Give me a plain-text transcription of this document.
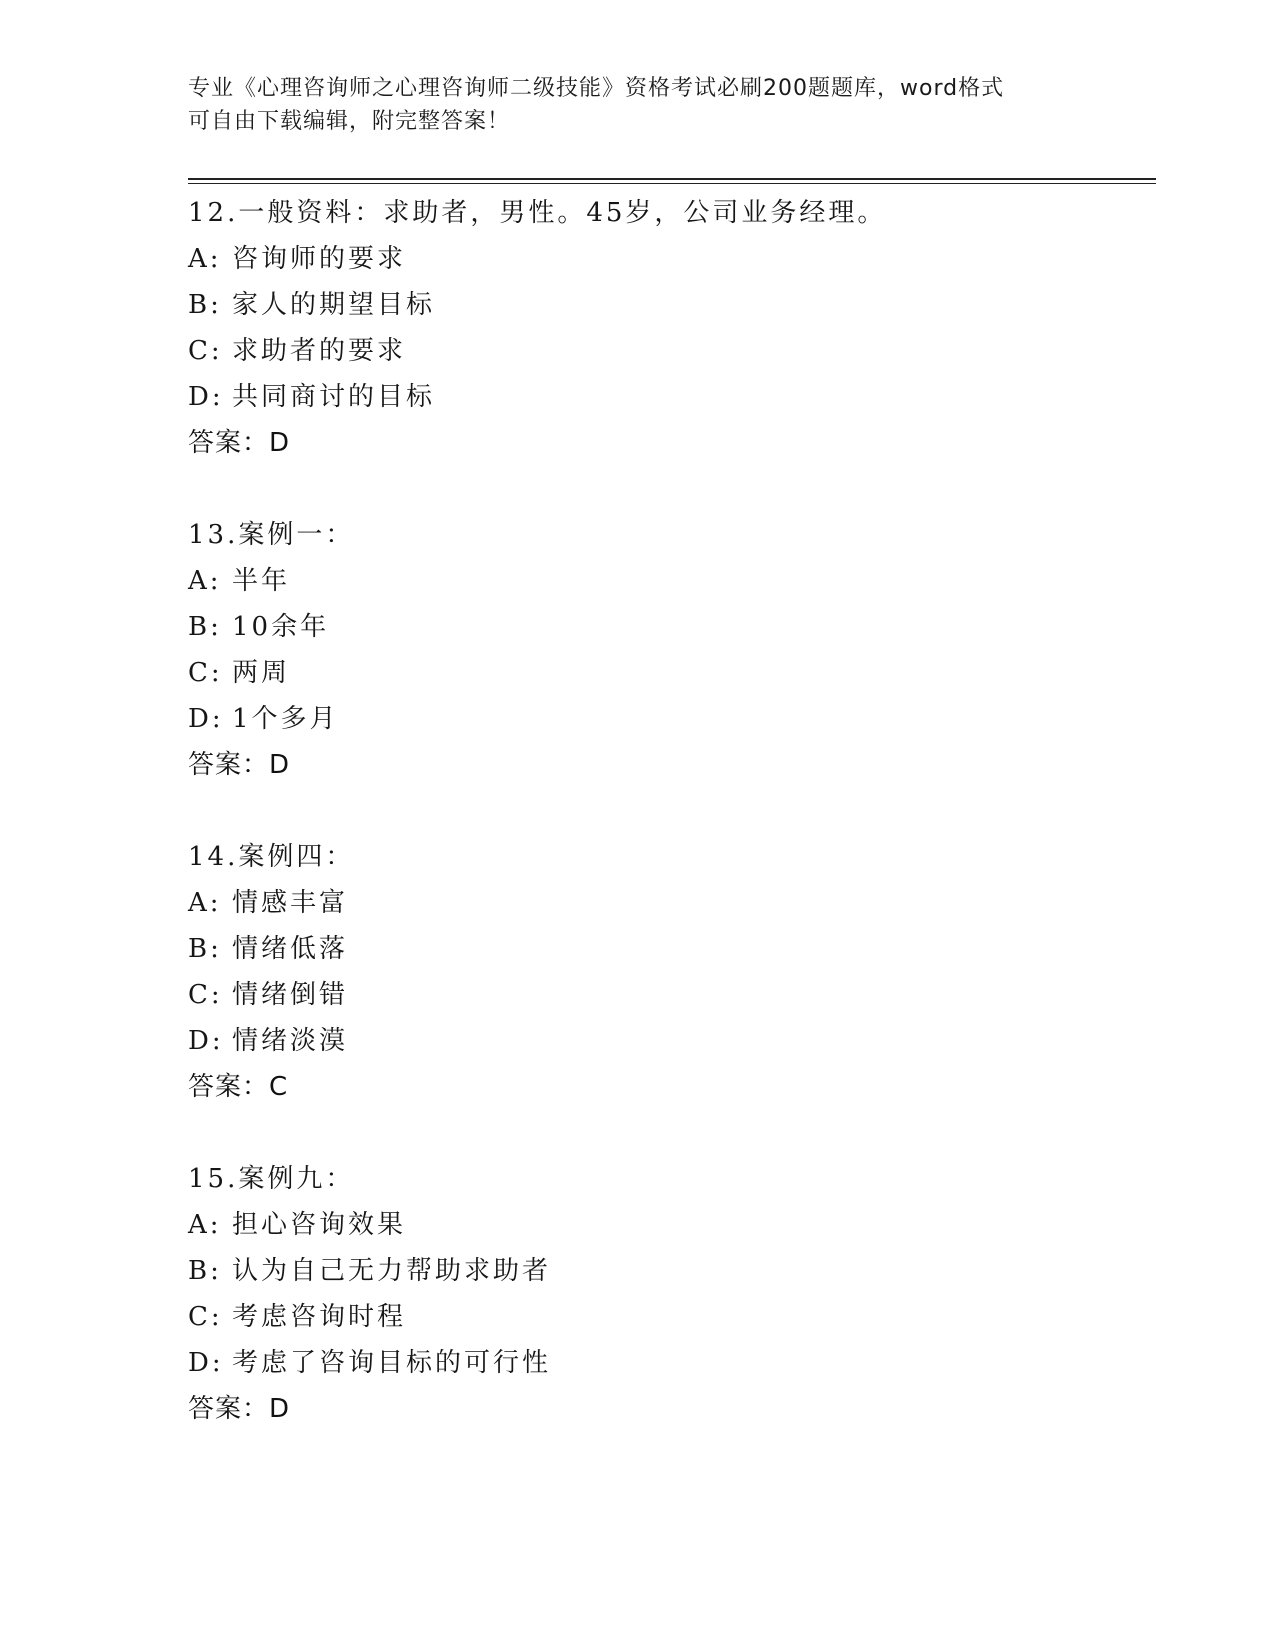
专业《心理咨询师之心理咨询师二级技能》资格考试必刷200题题库，word格式
可自由下载编辑，附完整答案！
12.一般资料：求助者，男性。45岁，公司业务经理。
A: 咨询师的要求
B: 家人的期望目标
C: 求助者的要求
D: 共同商讨的目标
答案：D
13.案例一：
A: 半年
B: 10余年
C: 两周
D: 1个多月
答案：D
14.案例四：
A: 情感丰富
B: 情绪低落
C: 情绪倒错
D: 情绪淡漠
答案：C
15.案例九：
A: 担心咨询效果
B: 认为自己无力帮助求助者
C: 考虑咨询时程
D: 考虑了咨询目标的可行性
答案：D
